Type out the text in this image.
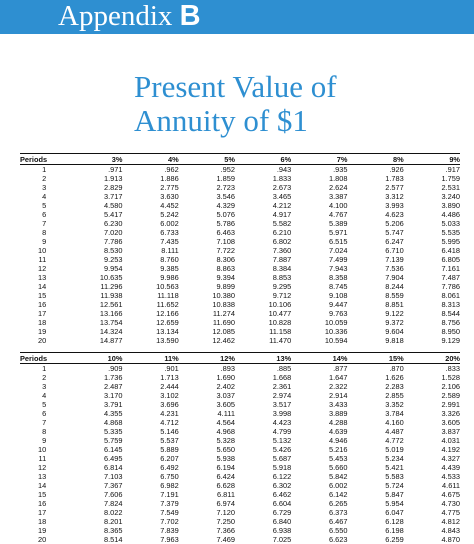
Appendix B
Present Value of
Annuity of $1
Periods	3%	4%	5%	6%	7%	8%	9%
1	.971	.962	.952	.943	.935	.926	.917
2	1.913	1.886	1.859	1.833	1.808	1.783	1.759
3	2.829	2.775	2.723	2.673	2.624	2.577	2.531
4	3.717	3.630	3.546	3.465	3.387	3.312	3.240
5	4.580	4.452	4.329	4.212	4.100	3.993	3.890
6	5.417	5.242	5.076	4.917	4.767	4.623	4.486
7	6.230	6.002	5.786	5.582	5.389	5.206	5.033
8	7.020	6.733	6.463	6.210	5.971	5.747	5.535
9	7.786	7.435	7.108	6.802	6.515	6.247	5.995
10	8.530	8.111	7.722	7.360	7.024	6.710	6.418
11	9.253	8.760	8.306	7.887	7.499	7.139	6.805
12	9.954	9.385	8.863	8.384	7.943	7.536	7.161
13	10.635	9.986	9.394	8.853	8.358	7.904	7.487
14	11.296	10.563	9.899	9.295	8.745	8.244	7.786
15	11.938	11.118	10.380	9.712	9.108	8.559	8.061
16	12.561	11.652	10.838	10.106	9.447	8.851	8.313
17	13.166	12.166	11.274	10.477	9.763	9.122	8.544
18	13.754	12.659	11.690	10.828	10.059	9.372	8.756
19	14.324	13.134	12.085	11.158	10.336	9.604	8.950
20	14.877	13.590	12.462	11.470	10.594	9.818	9.129
Periods	10%	11%	12%	13%	14%	15%	20%
1	.909	.901	.893	.885	.877	.870	.833
2	1.736	1.713	1.690	1.668	1.647	1.626	1.528
3	2.487	2.444	2.402	2.361	2.322	2.283	2.106
4	3.170	3.102	3.037	2.974	2.914	2.855	2.589
5	3.791	3.696	3.605	3.517	3.433	3.352	2.991
6	4.355	4.231	4.111	3.998	3.889	3.784	3.326
7	4.868	4.712	4.564	4.423	4.288	4.160	3.605
8	5.335	5.146	4.968	4.799	4.639	4.487	3.837
9	5.759	5.537	5.328	5.132	4.946	4.772	4.031
10	6.145	5.889	5.650	5.426	5.216	5.019	4.192
11	6.495	6.207	5.938	5.687	5.453	5.234	4.327
12	6.814	6.492	6.194	5.918	5.660	5.421	4.439
13	7.103	6.750	6.424	6.122	5.842	5.583	4.533
14	7.367	6.982	6.628	6.302	6.002	5.724	4.611
15	7.606	7.191	6.811	6.462	6.142	5.847	4.675
16	7.824	7.379	6.974	6.604	6.265	5.954	4.730
17	8.022	7.549	7.120	6.729	6.373	6.047	4.775
18	8.201	7.702	7.250	6.840	6.467	6.128	4.812
19	8.365	7.839	7.366	6.938	6.550	6.198	4.843
20	8.514	7.963	7.469	7.025	6.623	6.259	4.870
